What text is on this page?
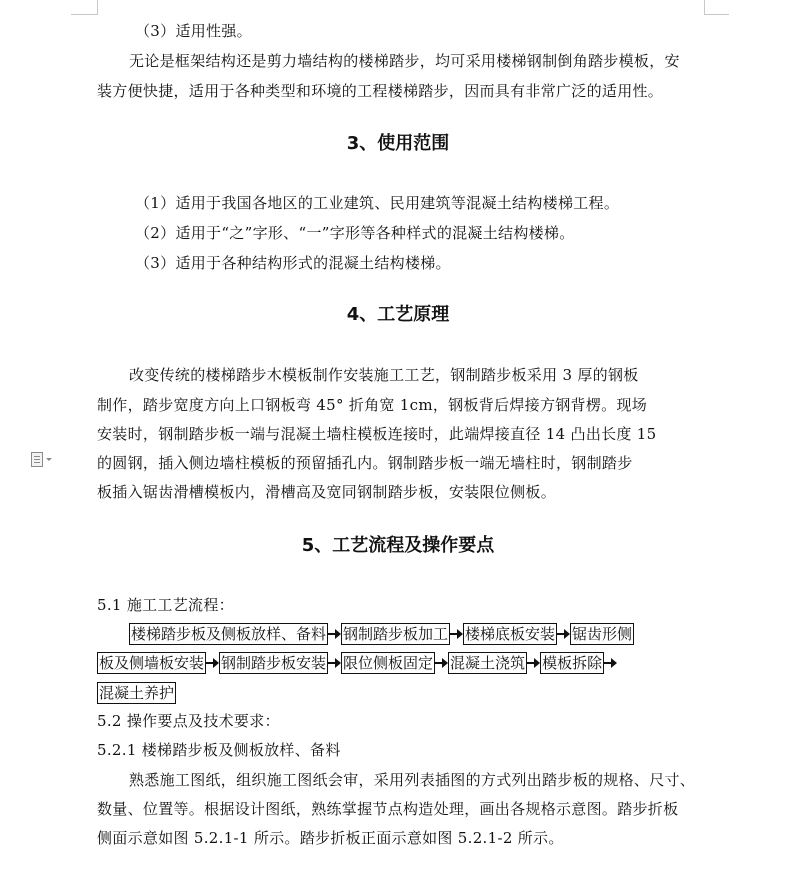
（3）适用性强。
无论是框架结构还是剪力墙结构的楼梯踏步，均可采用楼梯钢制倒角踏步模板，安
装方便快捷，适用于各种类型和环境的工程楼梯踏步，因而具有非常广泛的适用性。
3、使用范围
（1）适用于我国各地区的工业建筑、民用建筑等混凝土结构楼梯工程。
（2）适用于“之”字形、“一”字形等各种样式的混凝土结构楼梯。
（3）适用于各种结构形式的混凝土结构楼梯。
4、工艺原理
改变传统的楼梯踏步木模板制作安装施工工艺，钢制踏步板采用 3 厚的钢板
制作，踏步宽度方向上口钢板弯 45° 折角宽 1cm，钢板背后焊接方钢背楞。现场
安装时，钢制踏步板一端与混凝土墙柱模板连接时，此端焊接直径 14 凸出长度 15
的圆钢，插入侧边墙柱模板的预留插孔内。钢制踏步板一端无墙柱时，钢制踏步
板插入锯齿滑槽模板内，滑槽高及宽同钢制踏步板，安装限位侧板。
5、工艺流程及操作要点
5.1 施工工艺流程：
楼梯踏步板及侧板放样、备料 钢制踏步板加工 楼梯底板安装 锯齿形侧
板及侧墙板安装 钢制踏步板安装 限位侧板固定 混凝土浇筑 模板拆除
混凝土养护
5.2 操作要点及技术要求：
5.2.1 楼梯踏步板及侧板放样、备料
熟悉施工图纸，组织施工图纸会审，采用列表插图的方式列出踏步板的规格、尺寸、
数量、位置等。根据设计图纸，熟练掌握节点构造处理，画出各规格示意图。踏步折板
侧面示意如图 5.2.1-1 所示。踏步折板正面示意如图 5.2.1-2 所示。
